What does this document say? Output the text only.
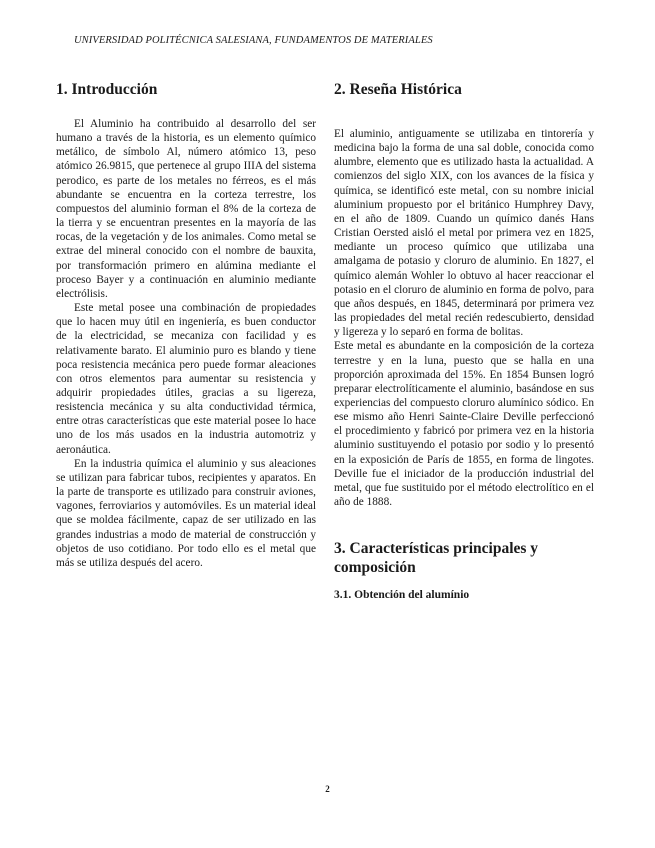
UNIVERSIDAD POLITÉCNICA SALESIANA, FUNDAMENTOS DE MATERIALES
1. Introducción

El Aluminio ha contribuido al desarrollo del ser humano a través de la historia, es un elemento químico metálico, de símbolo Al, número atómico 13, peso atómico 26.9815, que pertenece al grupo IIIA del sistema perodico, es parte de los metales no férreos, es el más abundante se encuentra en la corteza terrestre, los compuestos del aluminio forman el 8% de la corteza de la tierra y se encuentran presentes en la mayoría de las rocas, de la vegetación y de los animales. Como metal se extrae del mineral conocido con el nombre de bauxita, por transformación primero en alúmina mediante el proceso Bayer y a continuación en aluminio mediante electrólisis.

Este metal posee una combinación de propiedades que lo hacen muy útil en ingeniería, es buen conductor de la electricidad, se mecaniza con facilidad y es relativamente barato. El aluminio puro es blando y tiene poca resistencia mecánica pero puede formar aleaciones con otros elementos para aumentar su resistencia y adquirir propiedades útiles, gracias a su ligereza, resistencia mecánica y su alta conductividad térmica, entre otras características que este material posee lo hace uno de los más usados en la industria automotriz y aeronáutica.

En la industria química el aluminio y sus aleaciones se utilizan para fabricar tubos, recipientes y aparatos. En la parte de transporte es utilizado para construir aviones, vagones, ferroviarios y automóviles. Es un material ideal que se moldea fácilmente, capaz de ser utilizado en las grandes industrias a modo de material de construcción y objetos de uso cotidiano. Por todo ello es el metal que más se utiliza después del acero.

2. Reseña Histórica

El aluminio, antiguamente se utilizaba en tintorería y medicina bajo la forma de una sal doble, conocida como alumbre, elemento que es utilizado hasta la actualidad. A comienzos del siglo XIX, con los avances de la física y química, se identificó este metal, con su nombre inicial aluminium propuesto por el británico Humphrey Davy, en el año de 1809. Cuando un químico danés Hans Cristian Oersted aisló el metal por primera vez en 1825, mediante un proceso químico que utilizaba una amalgama de potasio y cloruro de aluminio. En 1827, el químico alemán Wohler lo obtuvo al hacer reaccionar el potasio en el cloruro de aluminio en forma de polvo, para que años después, en 1845, determinará por primera vez las propiedades del metal recién redescubierto, densidad y ligereza y lo separó en forma de bolitas.

Este metal es abundante en la composición de la corteza terrestre y en la luna, puesto que se halla en una proporción aproximada del 15%. En 1854 Bunsen logró preparar electrolíticamente el aluminio, basándose en sus experiencias del compuesto cloruro alumínico sódico. En ese mismo año Henri Sainte-Claire Deville perfeccionó el procedimiento y fabricó por primera vez en la historia aluminio sustituyendo el potasio por sodio y lo presentó en la exposición de París de 1855, en forma de lingotes. Deville fue el iniciador de la producción industrial del metal, que fue sustituido por el método electrolítico en el año de 1888.

3. Características principales y composición
3.1. Obtención del alumínio
2
